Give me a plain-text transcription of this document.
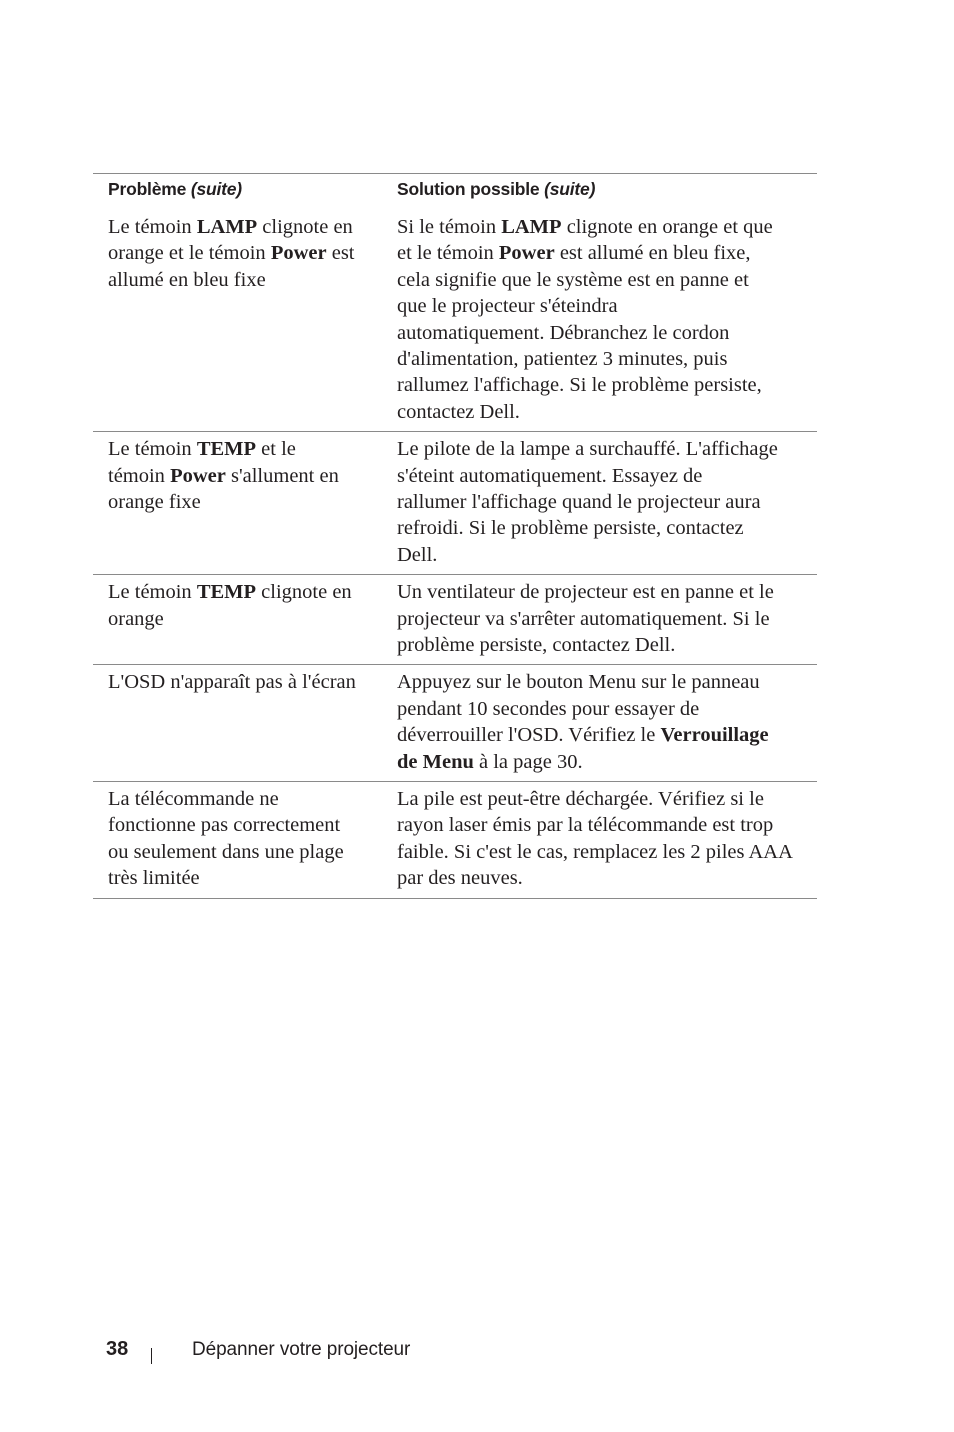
Problème (suite)	Solution possible (suite)
Le témoin LAMP clignote en
orange et le témoin Power est
allumé en bleu fixe
Si le témoin LAMP clignote en orange et que
et le témoin Power est allumé en bleu fixe,
cela signifie que le système est en panne et
que le projecteur s'éteindra
automatiquement. Débranchez le cordon
d'alimentation, patientez 3 minutes, puis
rallumez l'affichage. Si le problème persiste,
contactez Dell.
Le témoin TEMP et le
témoin Power s'allument en
orange fixe
Le pilote de la lampe a surchauffé. L'affichage
s'éteint automatiquement. Essayez de
rallumer l'affichage quand le projecteur aura
refroidi. Si le problème persiste, contactez
Dell.
Le témoin TEMP clignote en
orange
Un ventilateur de projecteur est en panne et le
projecteur va s'arrêter automatiquement. Si le
problème persiste, contactez Dell.
L'OSD n'apparaît pas à l'écran Appuyez sur le bouton Menu sur le panneau
pendant 10 secondes pour essayer de
déverrouiller l'OSD. Vérifiez le Verrouillage
de Menu à la page 30.
La télécommande ne
fonctionne pas correctement
ou seulement dans une plage
très limitée
La pile est peut-être déchargée. Vérifiez si le
rayon laser émis par la télécommande est trop
faible. Si c'est le cas, remplacez les 2 piles AAA
par des neuves.
38	Dépanner votre projecteur
